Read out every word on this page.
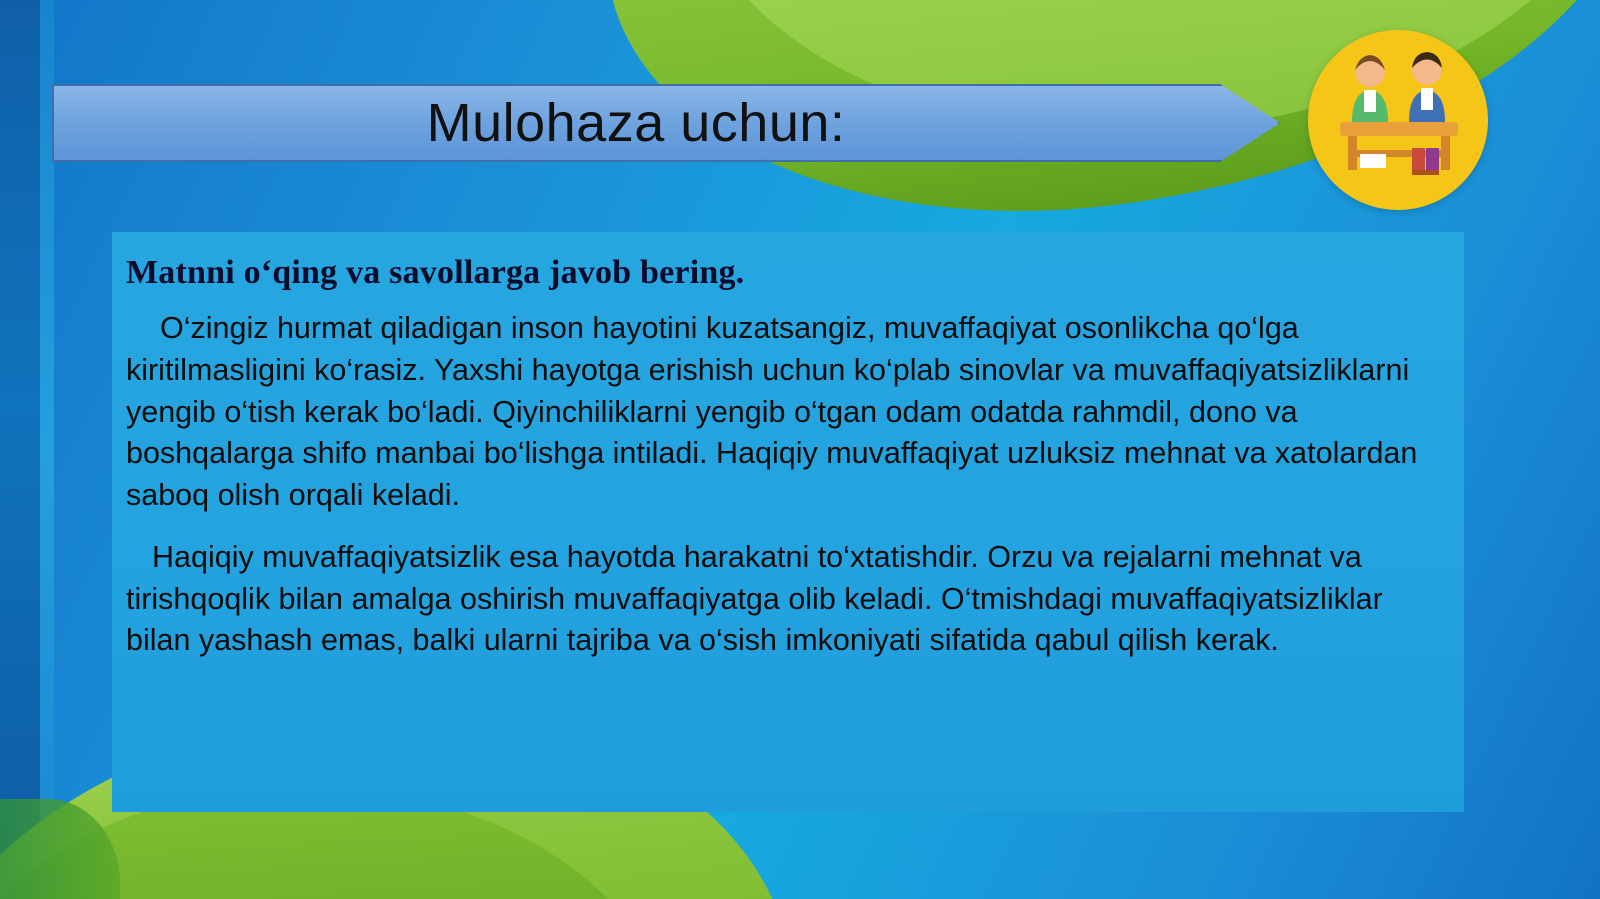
Mulohaza uchun:

Matnni o‘qing va savollarga javob bering.

O‘zingiz hurmat qiladigan inson hayotini kuzatsangiz, muvaffaqiyat osonlikcha qo‘lga kiritilmasligini ko‘rasiz. Yaxshi hayotga erishish uchun ko‘plab sinovlar va muvaffaqiyatsizliklarni yengib o‘tish kerak bo‘ladi. Qiyinchiliklarni yengib o‘tgan odam odatda rahmdil, dono va boshqalarga shifo manbai bo‘lishga intiladi. Haqiqiy muvaffaqiyat uzluksiz mehnat va xatolardan saboq olish orqali keladi.

Haqiqiy muvaffaqiyatsizlik esa hayotda harakatni to‘xtatishdir. Orzu va rejalarni mehnat va tirishqoqlik bilan amalga oshirish muvaffaqiyatga olib keladi. O‘tmishdagi muvaffaqiyatsizliklar bilan yashash emas, balki ularni tajriba va o‘sish imkoniyati sifatida qabul qilish kerak.
